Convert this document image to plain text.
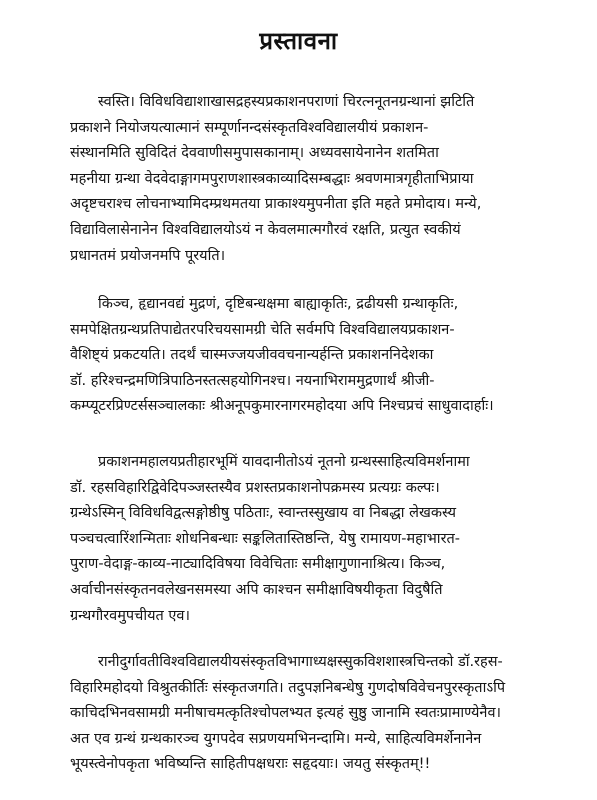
प्रस्तावना
स्वस्ति। विविधविद्याशाखासद्रहस्यप्रकाशनपराणां चिरत्ननूतनग्रन्थानां झटिति
प्रकाशने नियोजयत्यात्मानं सम्पूर्णानन्दसंस्कृतविश्वविद्यालयीयं प्रकाशन-
संस्थानमिति सुविदितं देववाणीसमुपासकानाम्। अध्यवसायेनानेन शतमिता
महनीया ग्रन्था वेदवेदाङ्गागमपुराणशास्त्रकाव्यादिसम्बद्धाः श्रवणमात्रगृहीताभिप्राया
अदृष्टचराश्च लोचनाभ्यामिदम्प्रथमतया प्राकाश्यमुपनीता इति महते प्रमोदाय। मन्ये,
विद्याविलासेनानेन विश्वविद्यालयोऽयं न केवलमात्मगौरवं रक्षति, प्रत्युत स्वकीयं
प्रधानतमं प्रयोजनमपि पूरयति।
किञ्च, हृद्यानवद्यं मुद्रणं, दृष्टिबन्धक्षमा बाह्याकृतिः, द्रढीयसी ग्रन्थाकृतिः,
समपेक्षितग्रन्थप्रतिपाद्येतरपरिचयसामग्री चेति सर्वमपि विश्वविद्यालयप्रकाशन-
वैशिष्ट्यं प्रकटयति। तदर्थं चास्मज्जयजीववचनान्यर्हन्ति प्रकाशननिदेशका
डॉ. हरिश्चन्द्रमणित्रिपाठिनस्तत्सहयोगिनश्च। नयनाभिराममुद्रणार्थं श्रीजी-
कम्प्यूटरप्रिण्टर्ससञ्चालकाः श्रीअनूपकुमारनागरमहोदया अपि निश्चप्रचं साधुवादार्हाः।
प्रकाशनमहालयप्रतीहारभूमिं यावदानीतोऽयं नूतनो ग्रन्थस्साहित्यविमर्शनामा
डॉ. रहसविहारिद्विवेदिपञ्जस्तस्यैव प्रशस्तप्रकाशनोपक्रमस्य प्रत्यग्रः कल्पः।
ग्रन्थेऽस्मिन् विविधविद्वत्सङ्गोष्ठीषु पठिताः, स्वान्तस्सुखाय वा निबद्धा लेखकस्य
पञ्चचत्वारिंशन्मिताः शोधनिबन्धाः सङ्कलितास्तिष्ठन्ति, येषु रामायण-महाभारत-
पुराण-वेदाङ्ग-काव्य-नाट्यादिविषया विवेचिताः समीक्षागुणानाश्रित्य। किञ्च,
अर्वाचीनसंस्कृतनवलेखनसमस्या अपि काश्चन समीक्षाविषयीकृता विदुषैति
ग्रन्थगौरवमुपचीयत एव।
रानीदुर्गावतीविश्वविद्यालयीयसंस्कृतविभागाध्यक्षस्सुकविशशास्त्रचिन्तको डॉ.रहस-
विहारिमहोदयो विश्रुतकीर्तिः संस्कृतजगति। तदुपज्ञनिबन्धेषु गुणदोषविवेचनपुरस्कृताऽपि
काचिदभिनवसामग्री मनीषाचमत्कृतिश्चोपलभ्यत इत्यहं सुष्ठु जानामि स्वतःप्रामाण्येनैव।
अत एव ग्रन्थं ग्रन्थकारञ्च युगपदेव सप्रणयमभिनन्दामि। मन्ये, साहित्यविमर्शेनानेन
भूयस्त्वेनोपकृता भविष्यन्ति साहितीपक्षधराः सहृदयाः। जयतु संस्कृतम्!!
